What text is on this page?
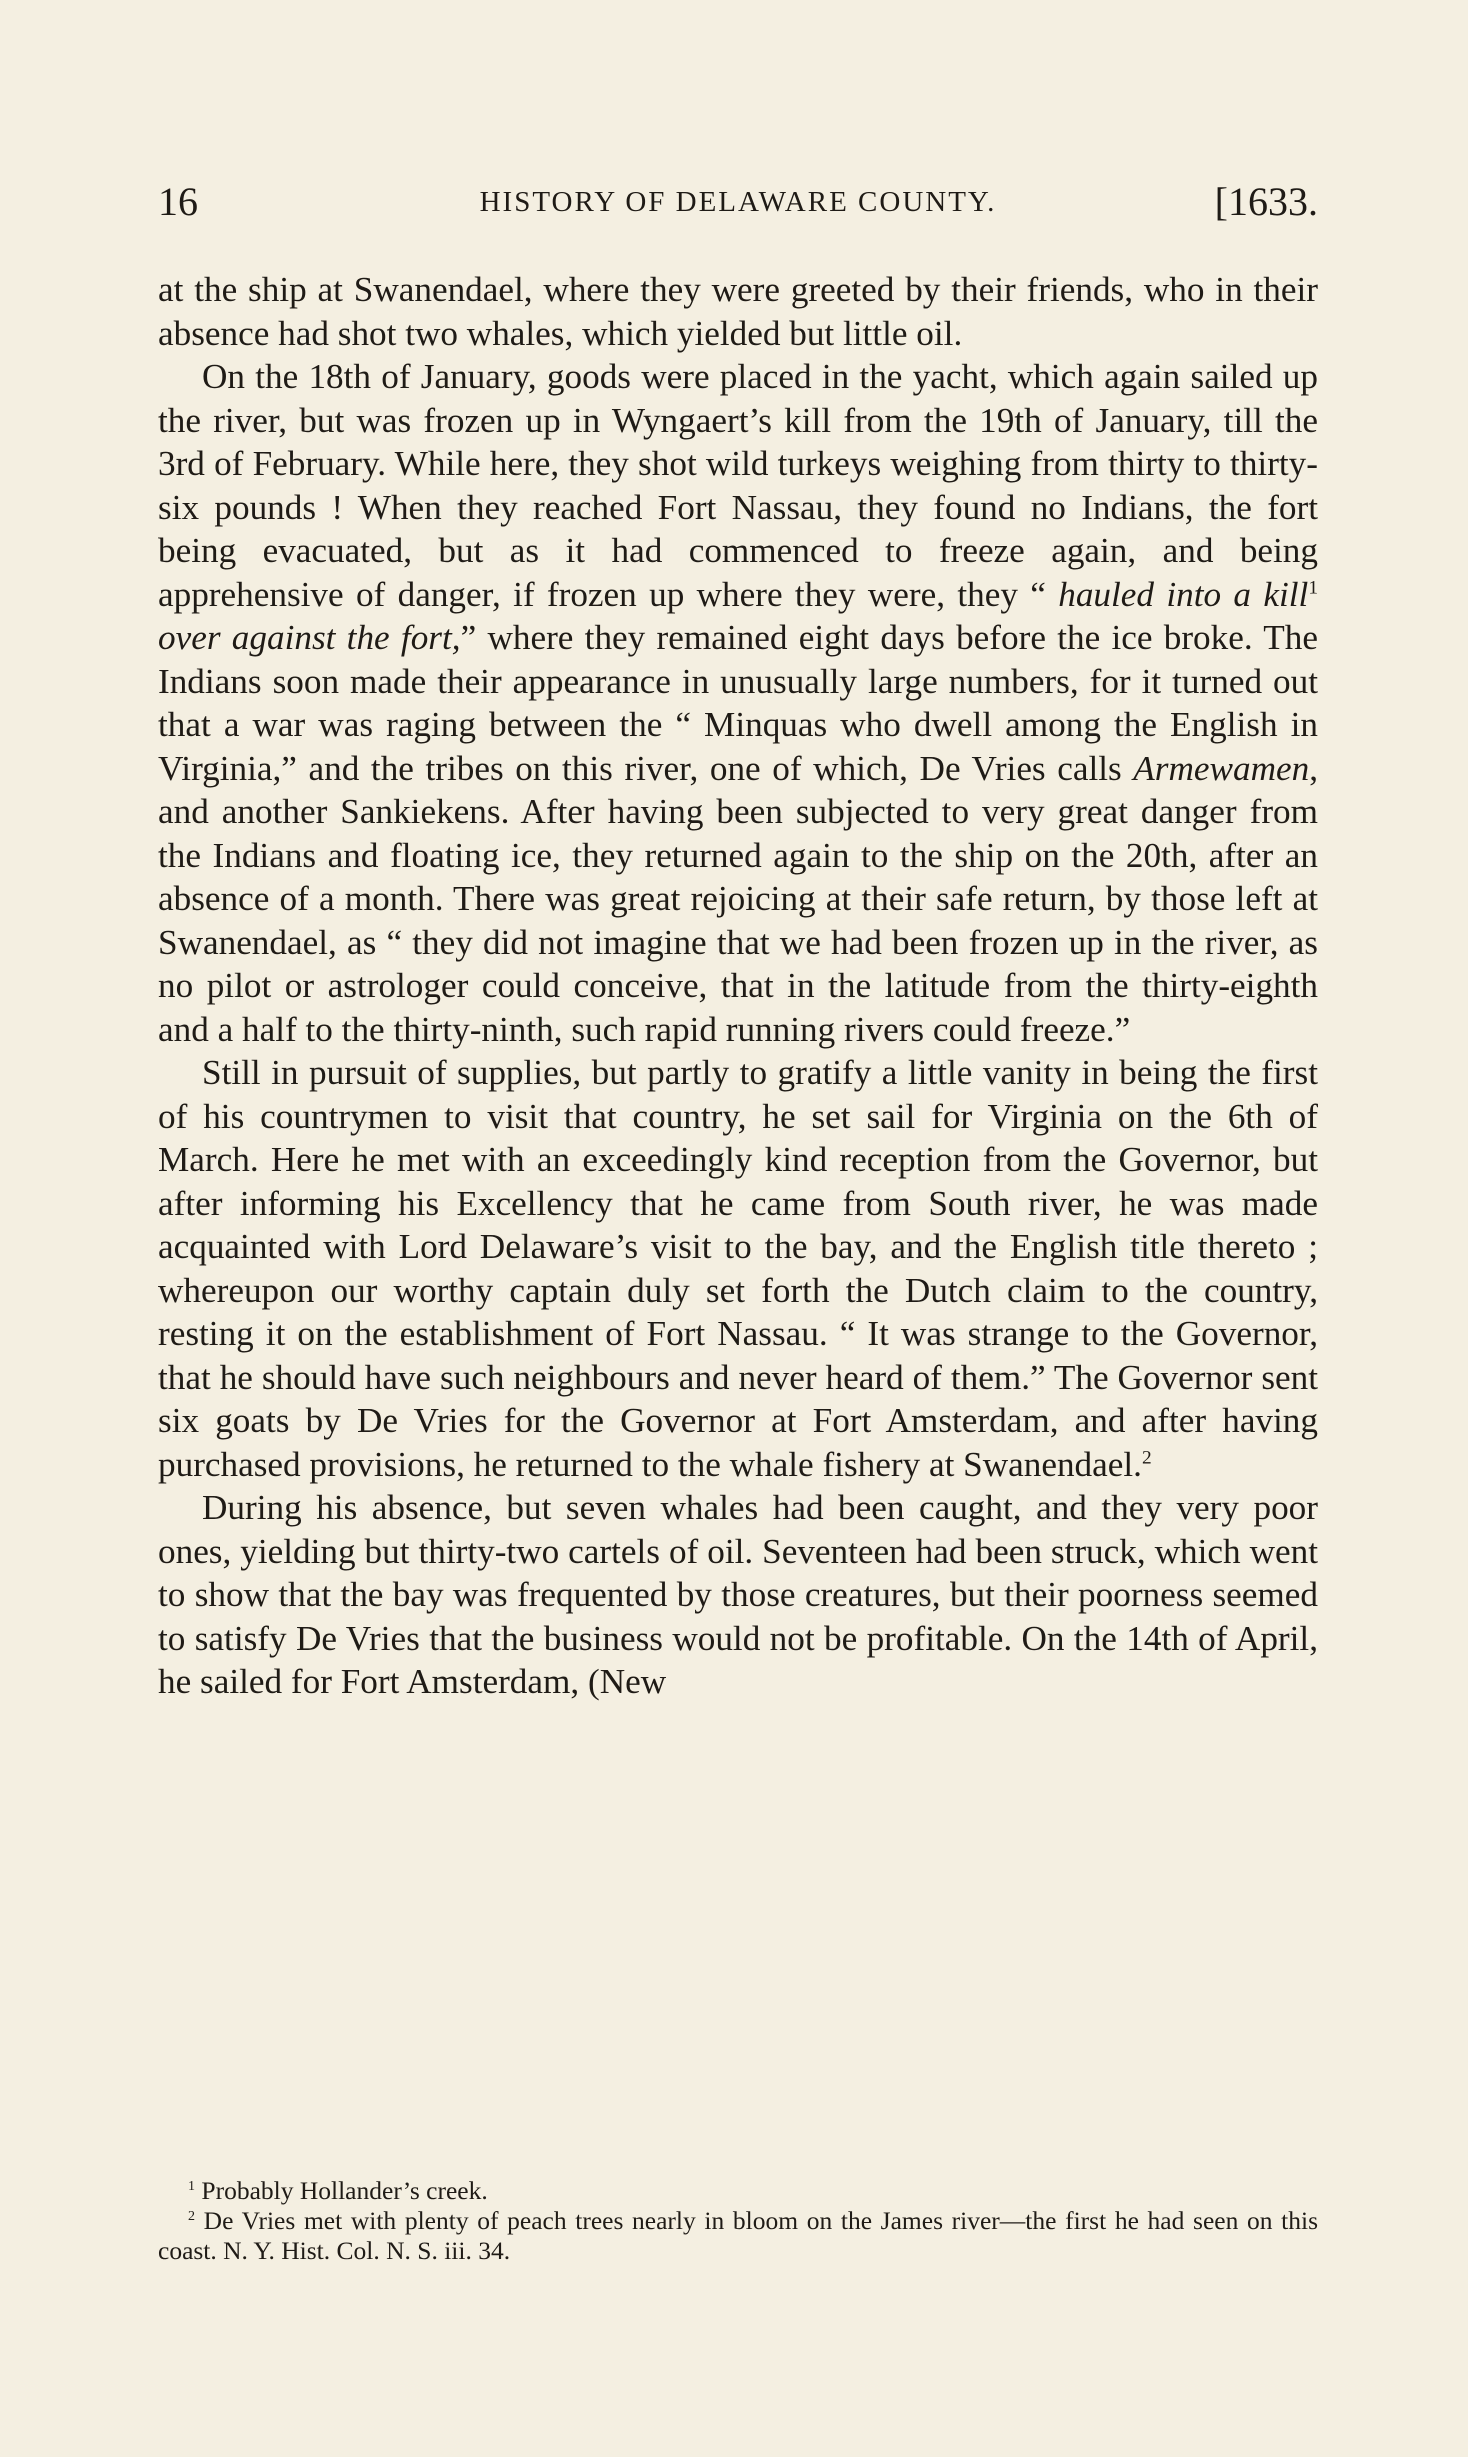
16	HISTORY OF DELAWARE COUNTY.	[1633.

at the ship at Swanendael, where they were greeted by their friends, who in their absence had shot two whales, which yielded but little oil.

On the 18th of January, goods were placed in the yacht, which again sailed up the river, but was frozen up in Wyngaert’s kill from the 19th of January, till the 3rd of February. While here, they shot wild turkeys weighing from thirty to thirty-six pounds ! When they reached Fort Nassau, they found no Indians, the fort being evacuated, but as it had commenced to freeze again, and being apprehensive of danger, if frozen up where they were, they “ hauled into a kill$^1$ over against the fort,” where they remained eight days before the ice broke. The Indians soon made their appearance in unusually large numbers, for it turned out that a war was raging between the “ Minquas who dwell among the English in Virginia,” and the tribes on this river, one of which, De Vries calls Armewamen, and another Sankiekens. After having been subjected to very great danger from the Indians and floating ice, they returned again to the ship on the 20th, after an absence of a month. There was great rejoicing at their safe return, by those left at Swanendael, as “ they did not imagine that we had been frozen up in the river, as no pilot or astrologer could conceive, that in the latitude from the thirty-eighth and a half to the thirty-ninth, such rapid running rivers could freeze.”

Still in pursuit of supplies, but partly to gratify a little vanity in being the first of his countrymen to visit that country, he set sail for Virginia on the 6th of March. Here he met with an exceedingly kind reception from the Governor, but after informing his Excellency that he came from South river, he was made acquainted with Lord Delaware’s visit to the bay, and the English title thereto ; whereupon our worthy captain duly set forth the Dutch claim to the country, resting it on the establishment of Fort Nassau. “ It was strange to the Governor, that he should have such neighbours and never heard of them.” The Governor sent six goats by De Vries for the Governor at Fort Amsterdam, and after having purchased provisions, he returned to the whale fishery at Swanendael.$^2$

During his absence, but seven whales had been caught, and they very poor ones, yielding but thirty-two cartels of oil. Seventeen had been struck, which went to show that the bay was frequented by those creatures, but their poorness seemed to satisfy De Vries that the business would not be profitable. On the 14th of April, he sailed for Fort Amsterdam, (New

$^1$ Probably Hollander’s creek.

$^2$ De Vries met with plenty of peach trees nearly in bloom on the James river—the first he had seen on this coast. N. Y. Hist. Col. N. S. iii. 34.
